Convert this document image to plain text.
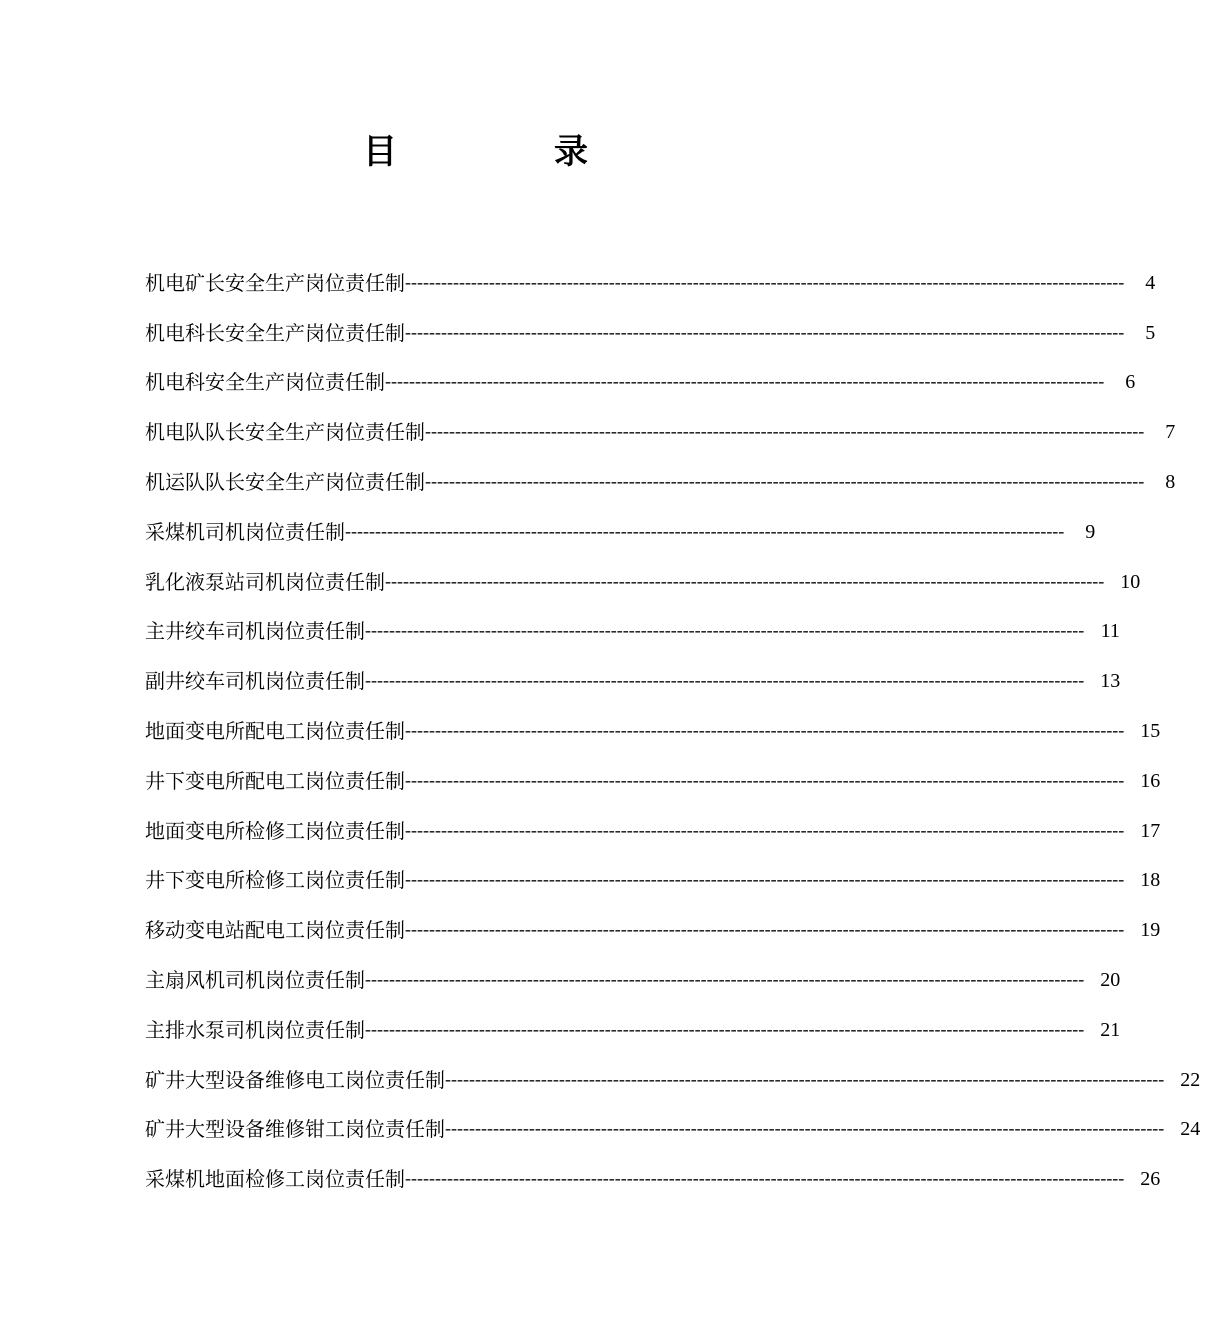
目	录
机电矿长安全生产岗位责任制 ------------------------------------------------------------------------------------------------------------------------	4
机电科长安全生产岗位责任制 ------------------------------------------------------------------------------------------------------------------------	5
机电科安全生产岗位责任制 ------------------------------------------------------------------------------------------------------------------------	6
机电队队长安全生产岗位责任制 ------------------------------------------------------------------------------------------------------------------------	7
机运队队长安全生产岗位责任制 ------------------------------------------------------------------------------------------------------------------------	8
采煤机司机岗位责任制 ------------------------------------------------------------------------------------------------------------------------	9
乳化液泵站司机岗位责任制 ------------------------------------------------------------------------------------------------------------------------ 10
主井绞车司机岗位责任制 ------------------------------------------------------------------------------------------------------------------------ 11
副井绞车司机岗位责任制 ------------------------------------------------------------------------------------------------------------------------ 13
地面变电所配电工岗位责任制 ------------------------------------------------------------------------------------------------------------------------ 15
井下变电所配电工岗位责任制 ------------------------------------------------------------------------------------------------------------------------ 16
地面变电所检修工岗位责任制 ------------------------------------------------------------------------------------------------------------------------ 17
井下变电所检修工岗位责任制 ------------------------------------------------------------------------------------------------------------------------ 18
移动变电站配电工岗位责任制 ------------------------------------------------------------------------------------------------------------------------ 19
主扇风机司机岗位责任制 ------------------------------------------------------------------------------------------------------------------------ 20
主排水泵司机岗位责任制 ------------------------------------------------------------------------------------------------------------------------ 21
矿井大型设备维修电工岗位责任制 ------------------------------------------------------------------------------------------------------------------------ 22
矿井大型设备维修钳工岗位责任制 ------------------------------------------------------------------------------------------------------------------------ 24
采煤机地面检修工岗位责任制 ------------------------------------------------------------------------------------------------------------------------ 26
